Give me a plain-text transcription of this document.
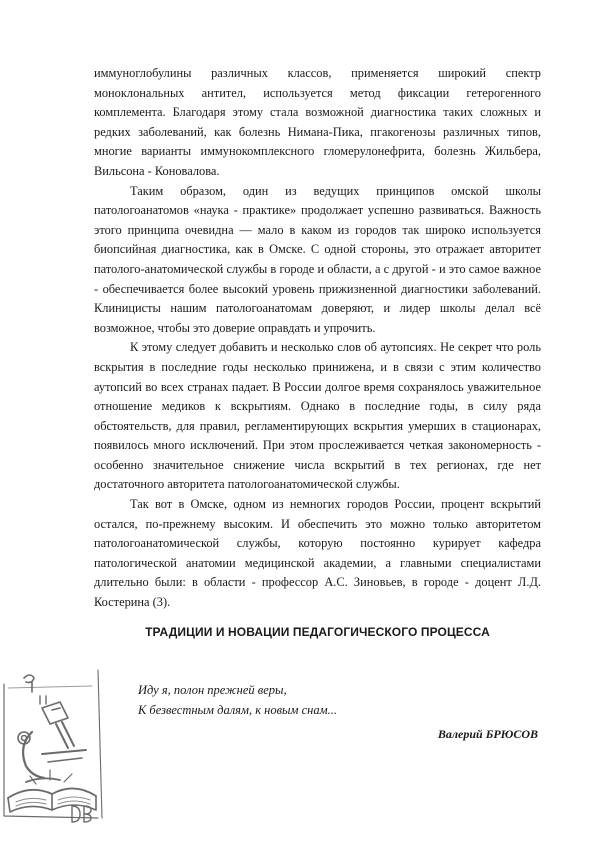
иммуноглобулины различных классов, применяется широкий спектр моноклональных антител, используется метод фиксации гетерогенного комплемента. Благодаря этому стала возможной диагностика таких сложных и редких заболеваний, как болезнь Нимана-Пика, пгакогенозы различных типов, многие варианты иммунокомплексного гломерулонефрита, болезнь Жильбера, Вильсона - Коновалова.

Таким образом, один из ведущих принципов омской школы патологоанатомов «наука - практике» продолжает успешно развиваться. Важность этого принципа очевидна — мало в каком из городов так широко используется биопсийная диагностика, как в Омске. С одной стороны, это отражает авторитет патолого-анатомической службы в городе и области, а с другой - и это самое важное - обеспечивается более высокий уровень прижизненной диагностики заболеваний. Клиницисты нашим патологоанатомам доверяют, и лидер школы делал всё возможное, чтобы это доверие оправдать и упрочить.

К этому следует добавить и несколько слов об аутопсиях. Не секрет что роль вскрытия в последние годы несколько принижена, и в связи с этим количество аутопсий во всех странах падает. В России долгое время сохранялось уважительное отношение медиков к вскрытиям. Однако в последние годы, в силу ряда обстоятельств, для правил, регламентирующих вскрытия умерших в стационарах, появилось много исключений. При этом прослеживается четкая закономерность - особенно значительное снижение числа вскрытий в тех регионах, где нет достаточного авторитета патологоанатомической службы.

Так вот в Омске, одном из немногих городов России, процент вскрытий остался, по-прежнему высоким. И обеспечить это можно только авторитетом патологоанатомической службы, которую постоянно курирует кафедра патологической анатомии медицинской академии, а главными специалистами длительно были: в области - профессор А.С. Зиновьев, в городе - доцент Л.Д. Костерина (3).

ТРАДИЦИИ И НОВАЦИИ ПЕДАГОГИЧЕСКОГО ПРОЦЕССА
Иду я, полон прежней веры,
К безвестным далям, к новым снам...
Валерий БРЮСОВ
